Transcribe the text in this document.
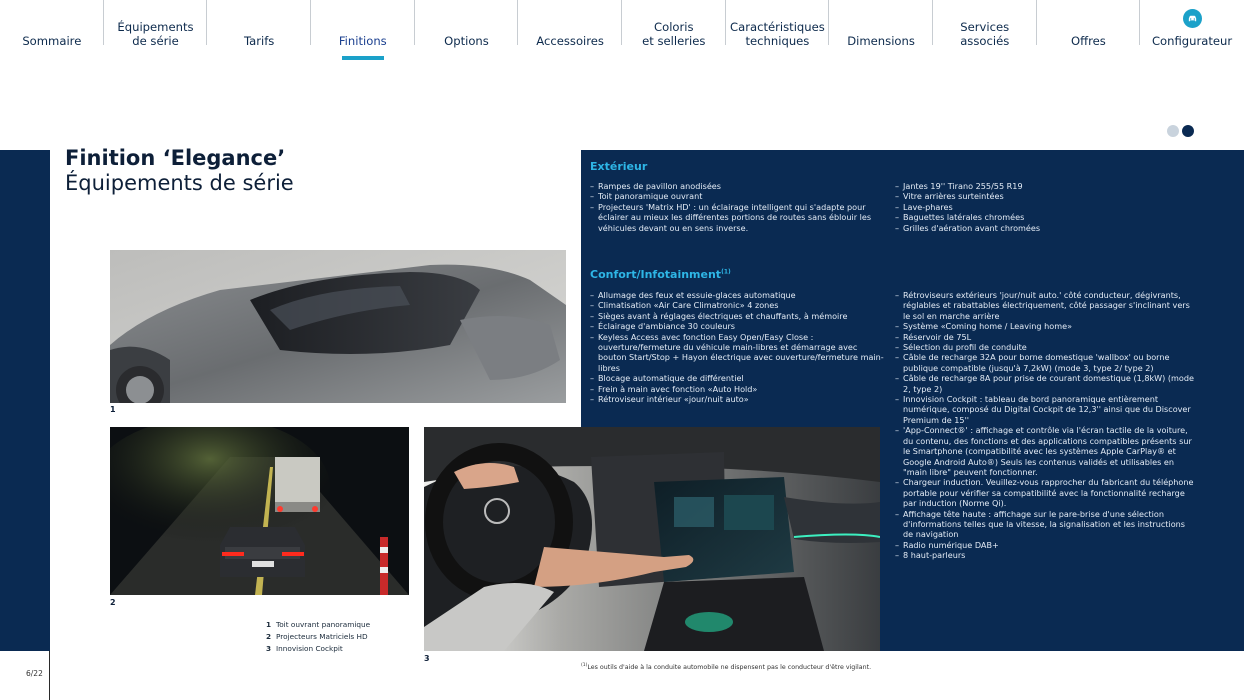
Sommaire
Équipements
de série	Tarifs	Finitions	Options	Accessoires
Coloris
et selleries
Caractéristiques
techniques	Dimensions
Services
associés	Offres	Configurateur
Finition ‘Elegance’
Équipements de série
1
2
3
1 Toit ouvrant panoramique
2 Projecteurs Matriciels HD
3 Innovision Cockpit
Extérieur
– Rampes de pavillon anodisées
– Toit panoramique ouvrant
– Projecteurs 'Matrix HD' : un éclairage intelligent qui s'adapte pour éclairer au mieux les différentes portions de routes sans éblouir les véhicules devant ou en sens inverse.
– Jantes 19'' Tirano 255/55 R19
– Vitre arrières surteintées
– Lave-phares
– Baguettes latérales chromées
– Grilles d'aération avant chromées
Confort/Infotainment$^{(1)}$
– Allumage des feux et essuie-glaces automatique
– Climatisation «Air Care Climatronic» 4 zones
– Sièges avant à réglages électriques et chauffants, à mémoire
– Éclairage d'ambiance 30 couleurs
– Keyless Access avec fonction Easy Open/Easy Close : ouverture/fermeture du véhicule main-libres et démarrage avec bouton Start/Stop + Hayon électrique avec ouverture/fermeture main-libres
– Blocage automatique de différentiel
– Frein à main avec fonction «Auto Hold»
– Rétroviseur intérieur «jour/nuit auto»
– Rétroviseurs extérieurs 'jour/nuit auto.' côté conducteur, dégivrants, réglables et rabattables électriquement, côté passager s'inclinant vers le sol en marche arrière
– Système «Coming home / Leaving home»
– Réservoir de 75L
– Sélection du profil de conduite
– Câble de recharge 32A pour borne domestique 'wallbox' ou borne publique compatible (jusqu'à 7,2kW) (mode 3, type 2/ type 2)
– Câble de recharge 8A pour prise de courant domestique (1,8kW) (mode 2, type 2)
– Innovision Cockpit : tableau de bord panoramique entièrement numérique, composé du Digital Cockpit de 12,3'' ainsi que du Discover Premium de 15''
– 'App-Connect®' : affichage et contrôle via l'écran tactile de la voiture, du contenu, des fonctions et des applications compatibles présents sur le Smartphone (compatibilité avec les systèmes Apple CarPlay® et Google Android Auto®) Seuls les contenus validés et utilisables en "main libre" peuvent fonctionner.
– Chargeur induction. Veuillez-vous rapprocher du fabricant du téléphone portable pour vérifier sa compatibilité avec la fonctionnalité recharge par induction (Norme Qi).
– Affichage tête haute : affichage sur le pare-brise d'une sélection d'informations telles que la vitesse, la signalisation et les instructions de navigation
– Radio numérique DAB+
– 8 haut-parleurs
$^{(1)}$Les outils d'aide à la conduite automobile ne dispensent pas le conducteur d'être vigilant.
6/22
